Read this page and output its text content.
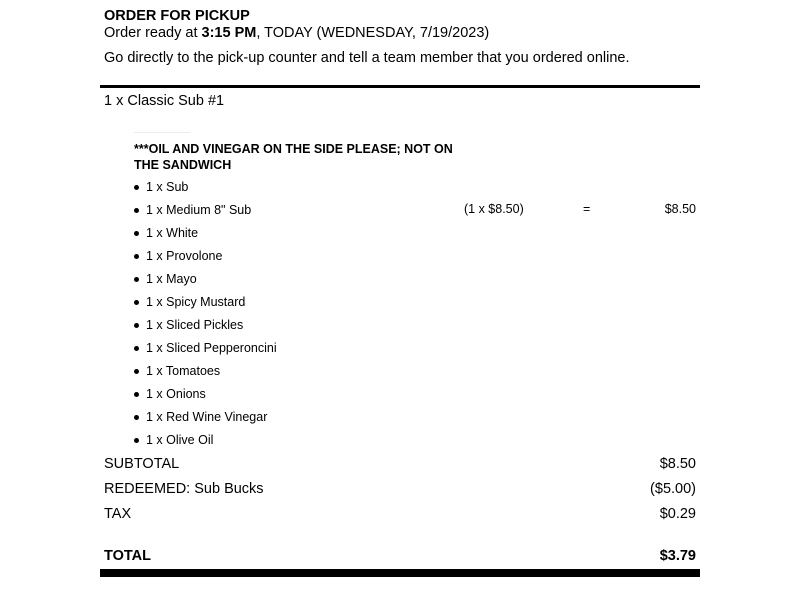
ORDER FOR PICKUP
Order ready at 3:15 PM, TODAY (WEDNESDAY, 7/19/2023)
Go directly to the pick-up counter and tell a team member that you ordered online.
1 x Classic Sub #1
***OIL AND VINEGAR ON THE SIDE PLEASE; NOT ON THE SANDWICH
1 x Sub
1 x Medium 8" Sub
1 x White
1 x Provolone
1 x Mayo
1 x Spicy Mustard
1 x Sliced Pickles
1 x Sliced Pepperoncini
1 x Tomatoes
1 x Onions
1 x Red Wine Vinegar
1 x Olive Oil
(1 x $8.50)	=	$8.50
SUBTOTAL	$8.50
REDEEMED: Sub Bucks	($5.00)
TAX	$0.29
TOTAL	$3.79
